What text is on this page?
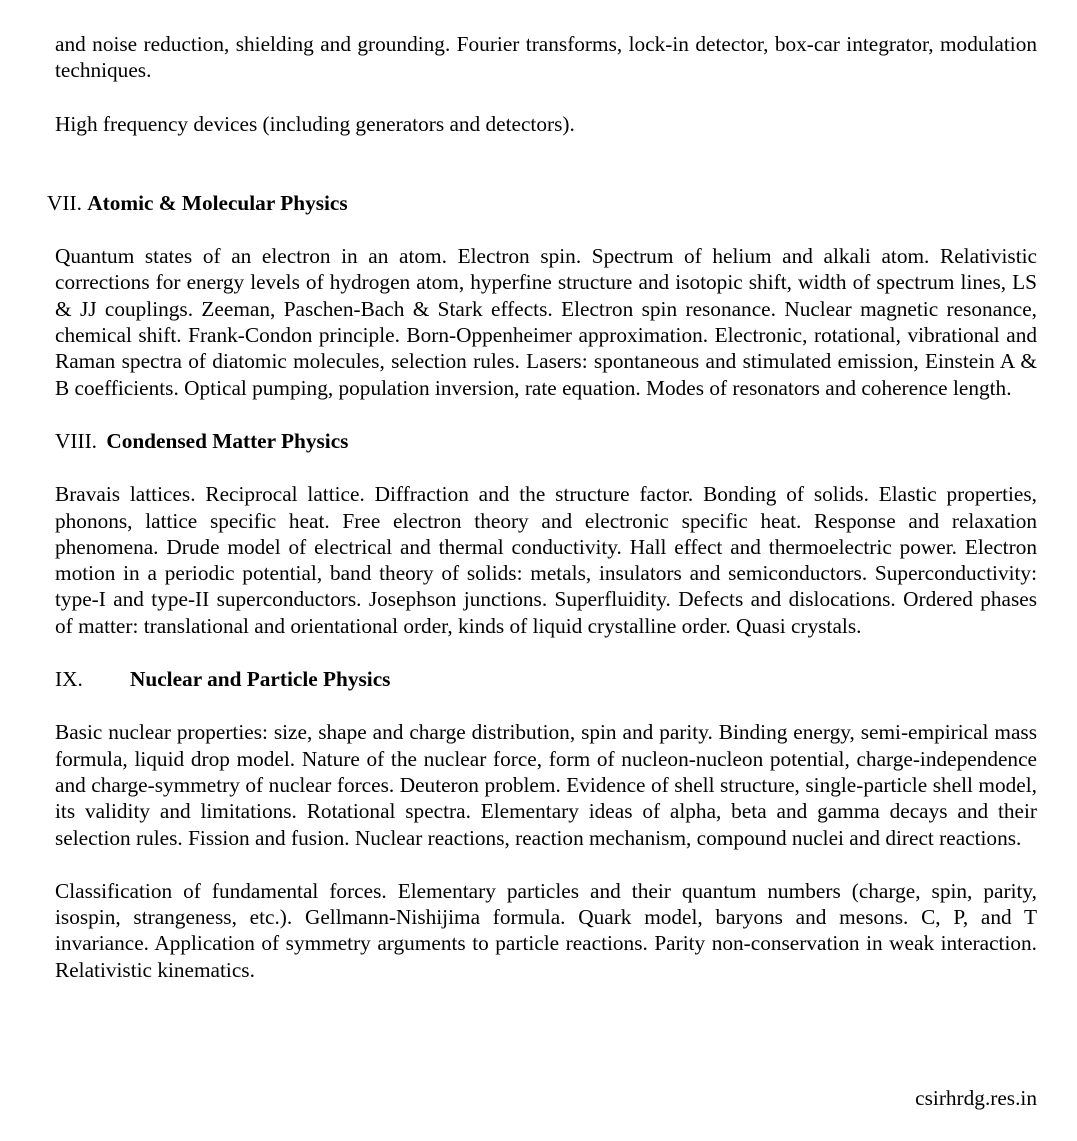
and noise reduction, shielding and grounding. Fourier transforms, lock-in detector, box-car integrator, modulation techniques.

High frequency devices (including generators and detectors).

VII. Atomic & Molecular Physics

Quantum states of an electron in an atom. Electron spin. Spectrum of helium and alkali atom. Relativistic corrections for energy levels of hydrogen atom, hyperfine structure and isotopic shift, width of spectrum lines, LS & JJ couplings. Zeeman, Paschen-Bach & Stark effects. Electron spin resonance. Nuclear magnetic resonance, chemical shift. Frank-Condon principle. Born-Oppenheimer approximation. Electronic, rotational, vibrational and Raman spectra of diatomic molecules, selection rules. Lasers: spontaneous and stimulated emission, Einstein A & B coefficients. Optical pumping, population inversion, rate equation. Modes of resonators and coherence length.

VIII. Condensed Matter Physics

Bravais lattices. Reciprocal lattice. Diffraction and the structure factor. Bonding of solids. Elastic properties, phonons, lattice specific heat. Free electron theory and electronic specific heat. Response and relaxation phenomena. Drude model of electrical and thermal conductivity. Hall effect and thermoelectric power. Electron motion in a periodic potential, band theory of solids: metals, insulators and semiconductors. Superconductivity: type-I and type-II superconductors. Josephson junctions. Superfluidity. Defects and dislocations. Ordered phases of matter: translational and orientational order, kinds of liquid crystalline order. Quasi crystals.

IX. Nuclear and Particle Physics

Basic nuclear properties: size, shape and charge distribution, spin and parity. Binding energy, semi-empirical mass formula, liquid drop model. Nature of the nuclear force, form of nucleon-nucleon potential, charge-independence and charge-symmetry of nuclear forces. Deuteron problem. Evidence of shell structure, single-particle shell model, its validity and limitations. Rotational spectra. Elementary ideas of alpha, beta and gamma decays and their selection rules. Fission and fusion. Nuclear reactions, reaction mechanism, compound nuclei and direct reactions.

Classification of fundamental forces. Elementary particles and their quantum numbers (charge, spin, parity, isospin, strangeness, etc.). Gellmann-Nishijima formula. Quark model, baryons and mesons. C, P, and T invariance. Application of symmetry arguments to particle reactions. Parity non-conservation in weak interaction. Relativistic kinematics.

csirhrdg.res.in
